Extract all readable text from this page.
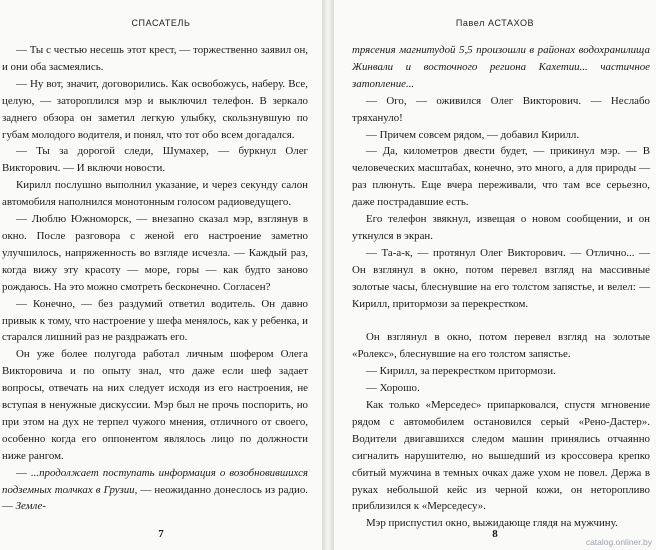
СПАСАТЕЛЬ

— Ты с честью несешь этот крест, — торжественно заявил он, и они оба засмеялись.

— Ну вот, значит, договорились. Как освобожусь, наберу. Все, целую, — затороплился мэр и выключил телефон. В зеркало заднего обзора он заметил легкую улыбку, скользнувшую по губам молодого водителя, и понял, что тот обо всем догадался.

— Ты за дорогой следи, Шумахер, — буркнул Олег Викторович. — И включи новости.

Кирилл послушно выполнил указание, и через секунду салон автомобиля наполнился монотонным голосом радиоведущего.

— Люблю Южноморск, — внезапно сказал мэр, взглянув в окно. После разговора с женой его настроение заметно улучшилось, напряженность во взгляде исчезла. — Каждый раз, когда вижу эту красоту — море, горы — как будто заново рождаюсь. На это можно смотреть бесконечно. Согласен?

— Конечно, — без раздумий ответил водитель. Он давно привык к тому, что настроение у шефа менялось, как у ребенка, и старался лишний раз не раздражать его.

Он уже более полугода работал личным шофером Олега Викторовича и по опыту знал, что даже если шеф задает вопросы, отвечать на них следует исходя из его настроения, не вступая в ненужные дискуссии. Мэр был не прочь поспорить, но при этом на дух не терпел чужого мнения, отличного от своего, особенно когда его оппонентом являлось лицо по должности ниже рангом.

— ...продолжает поступать информация о возобновившихся подземных толчках в Грузии, — неожиданно донеслось из радио. — Земле-

7
Павел АСТАХОВ

трясения магнитудой 5,5 произошли в районах водохранилища Жинвали и восточного региона Кахетии... частичное затопление...

— Ого, — оживился Олег Викторович. — Неслабо тряхануло!

— Причем совсем рядом, — добавил Кирилл.

— Да, километров двести будет, — прикинул мэр. — В человеческих масштабах, конечно, это много, а для природы — раз плюнуть. Еще вчера переживали, что там все серьезно, даже пострадавшие есть.

Его телефон звякнул, извещая о новом сообщении, и он уткнулся в экран.

— Та-а-к, — протянул Олег Викторович. — Отлично... — Он взглянул в окно, потом перевел взгляд на массивные золотые часы, блеснувшие на его толстом запястье, и велел: — Кирилл, притормози за перекрестком.

Он взглянул в окно, потом перевел взгляд на золотые «Ролекс», блеснувшие на его толстом запястье.

— Кирилл, за перекрестком притормози.

— Хорошо.

Как только «Мерседес» припарковался, спустя мгновение рядом с автомобилем остановился серый «Рено-Дастер». Водители двигавшихся следом машин принялись отчаянно сигналить нарушителю, но вышедший из кроссовера крепко сбитый мужчина в темных очках даже ухом не повел. Держа в руках небольшой кейс из черной кожи, он неторопливо приблизился к «Мерседесу».

Мэр приспустил окно, выжидающе глядя на мужчину.

8
catalog.onliner.by
